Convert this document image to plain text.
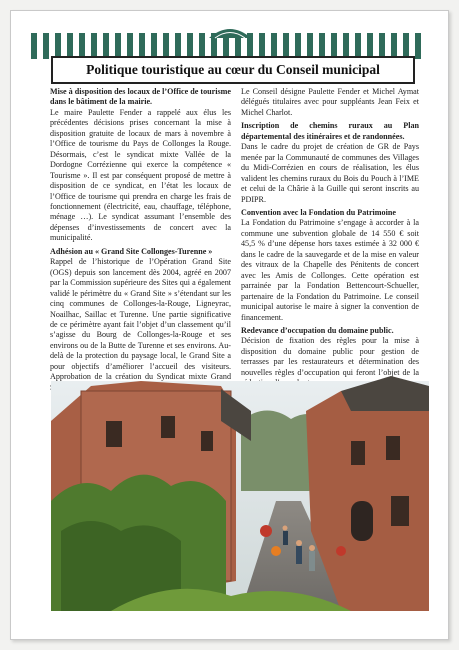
Politique touristique au cœur du Conseil municipal

Mise à disposition des locaux de l’Office de tourisme dans le bâtiment de la mairie.

Le maire Paulette Fender a rappelé aux élus les précédentes décisions prises concernant la mise à disposition gratuite de locaux de mars à novembre à l’Office de tourisme du Pays de Collonges la Rouge. Désormais, c’est le syndicat mixte Vallée de la Dordogne Corrézienne qui exerce la compétence « Tourisme ». Il est par conséquent proposé de mettre à disposition de ce syndicat, en l’état les locaux de l’Office de tourisme qui prendra en charge les frais de fonctionnement (électricité, eau, chauffage, téléphone, ménage …). Le syndicat assumant l’ensemble des dépenses d’investissements de concert avec la municipalité.

Adhésion au « Grand Site Collonges-Turenne »

Rappel de l’historique de l’Opération Grand Site (OGS) depuis son lancement dès 2004, agréé en 2007 par la Commission supérieure des Sites qui a également validé le périmètre du « Grand Site » s’étendant sur les cinq communes de Collonges-la-Rouge, Ligneyrac, Noailhac, Saillac et Turenne. Une partie significative de ce périmètre ayant fait l’objet d’un classement qu’il s’agisse du Bourg de Collonges-la-Rouge et ses environs ou de la Butte de Turenne et ses environs. Au-delà de la protection du paysage local, le Grand Site a pour objectifs d’améliorer l’accueil des visiteurs. Approbation de la création du Syndicat mixte Grand

Le Conseil désigne Paulette Fender et Michel Aymat délégués titulaires avec pour suppléants Jean Feix et Michel Charlot.

Inscription de chemins ruraux au Plan départemental des itinéraires et de randonnées.

Dans le cadre du projet de création de GR de Pays menée par la Communauté de communes des Villages du Midi-Corrézien en cours de réalisation, les élus valident les chemins ruraux du Bois du Pouch à l’IME et celui de la Chârie à la Guille qui seront inscrits au PDIPR.

Convention avec la Fondation du Patrimoine

La Fondation du Patrimoine s’engage à accorder à la commune une subvention globale de 14 550 € soit 45,5 % d’une dépense hors taxes estimée à 32 000 € dans le cadre de la sauvegarde et de la mise en valeur des vitraux de la Chapelle des Pénitents de concert avec les Amis de Collonges. Cette opération est parrainée par la Fondation Bettencourt-Schueller, partenaire de la Fondation du Patrimoine. Le conseil municipal autorise le maire à signer la convention de financement.

Redevance d’occupation du domaine public.

Décision de fixation des règles pour la mise à disposition du domaine public pour gestion de terrasses par les restaurateurs et détermination des nouvelles règles d’occupation qui feront l’objet de la
